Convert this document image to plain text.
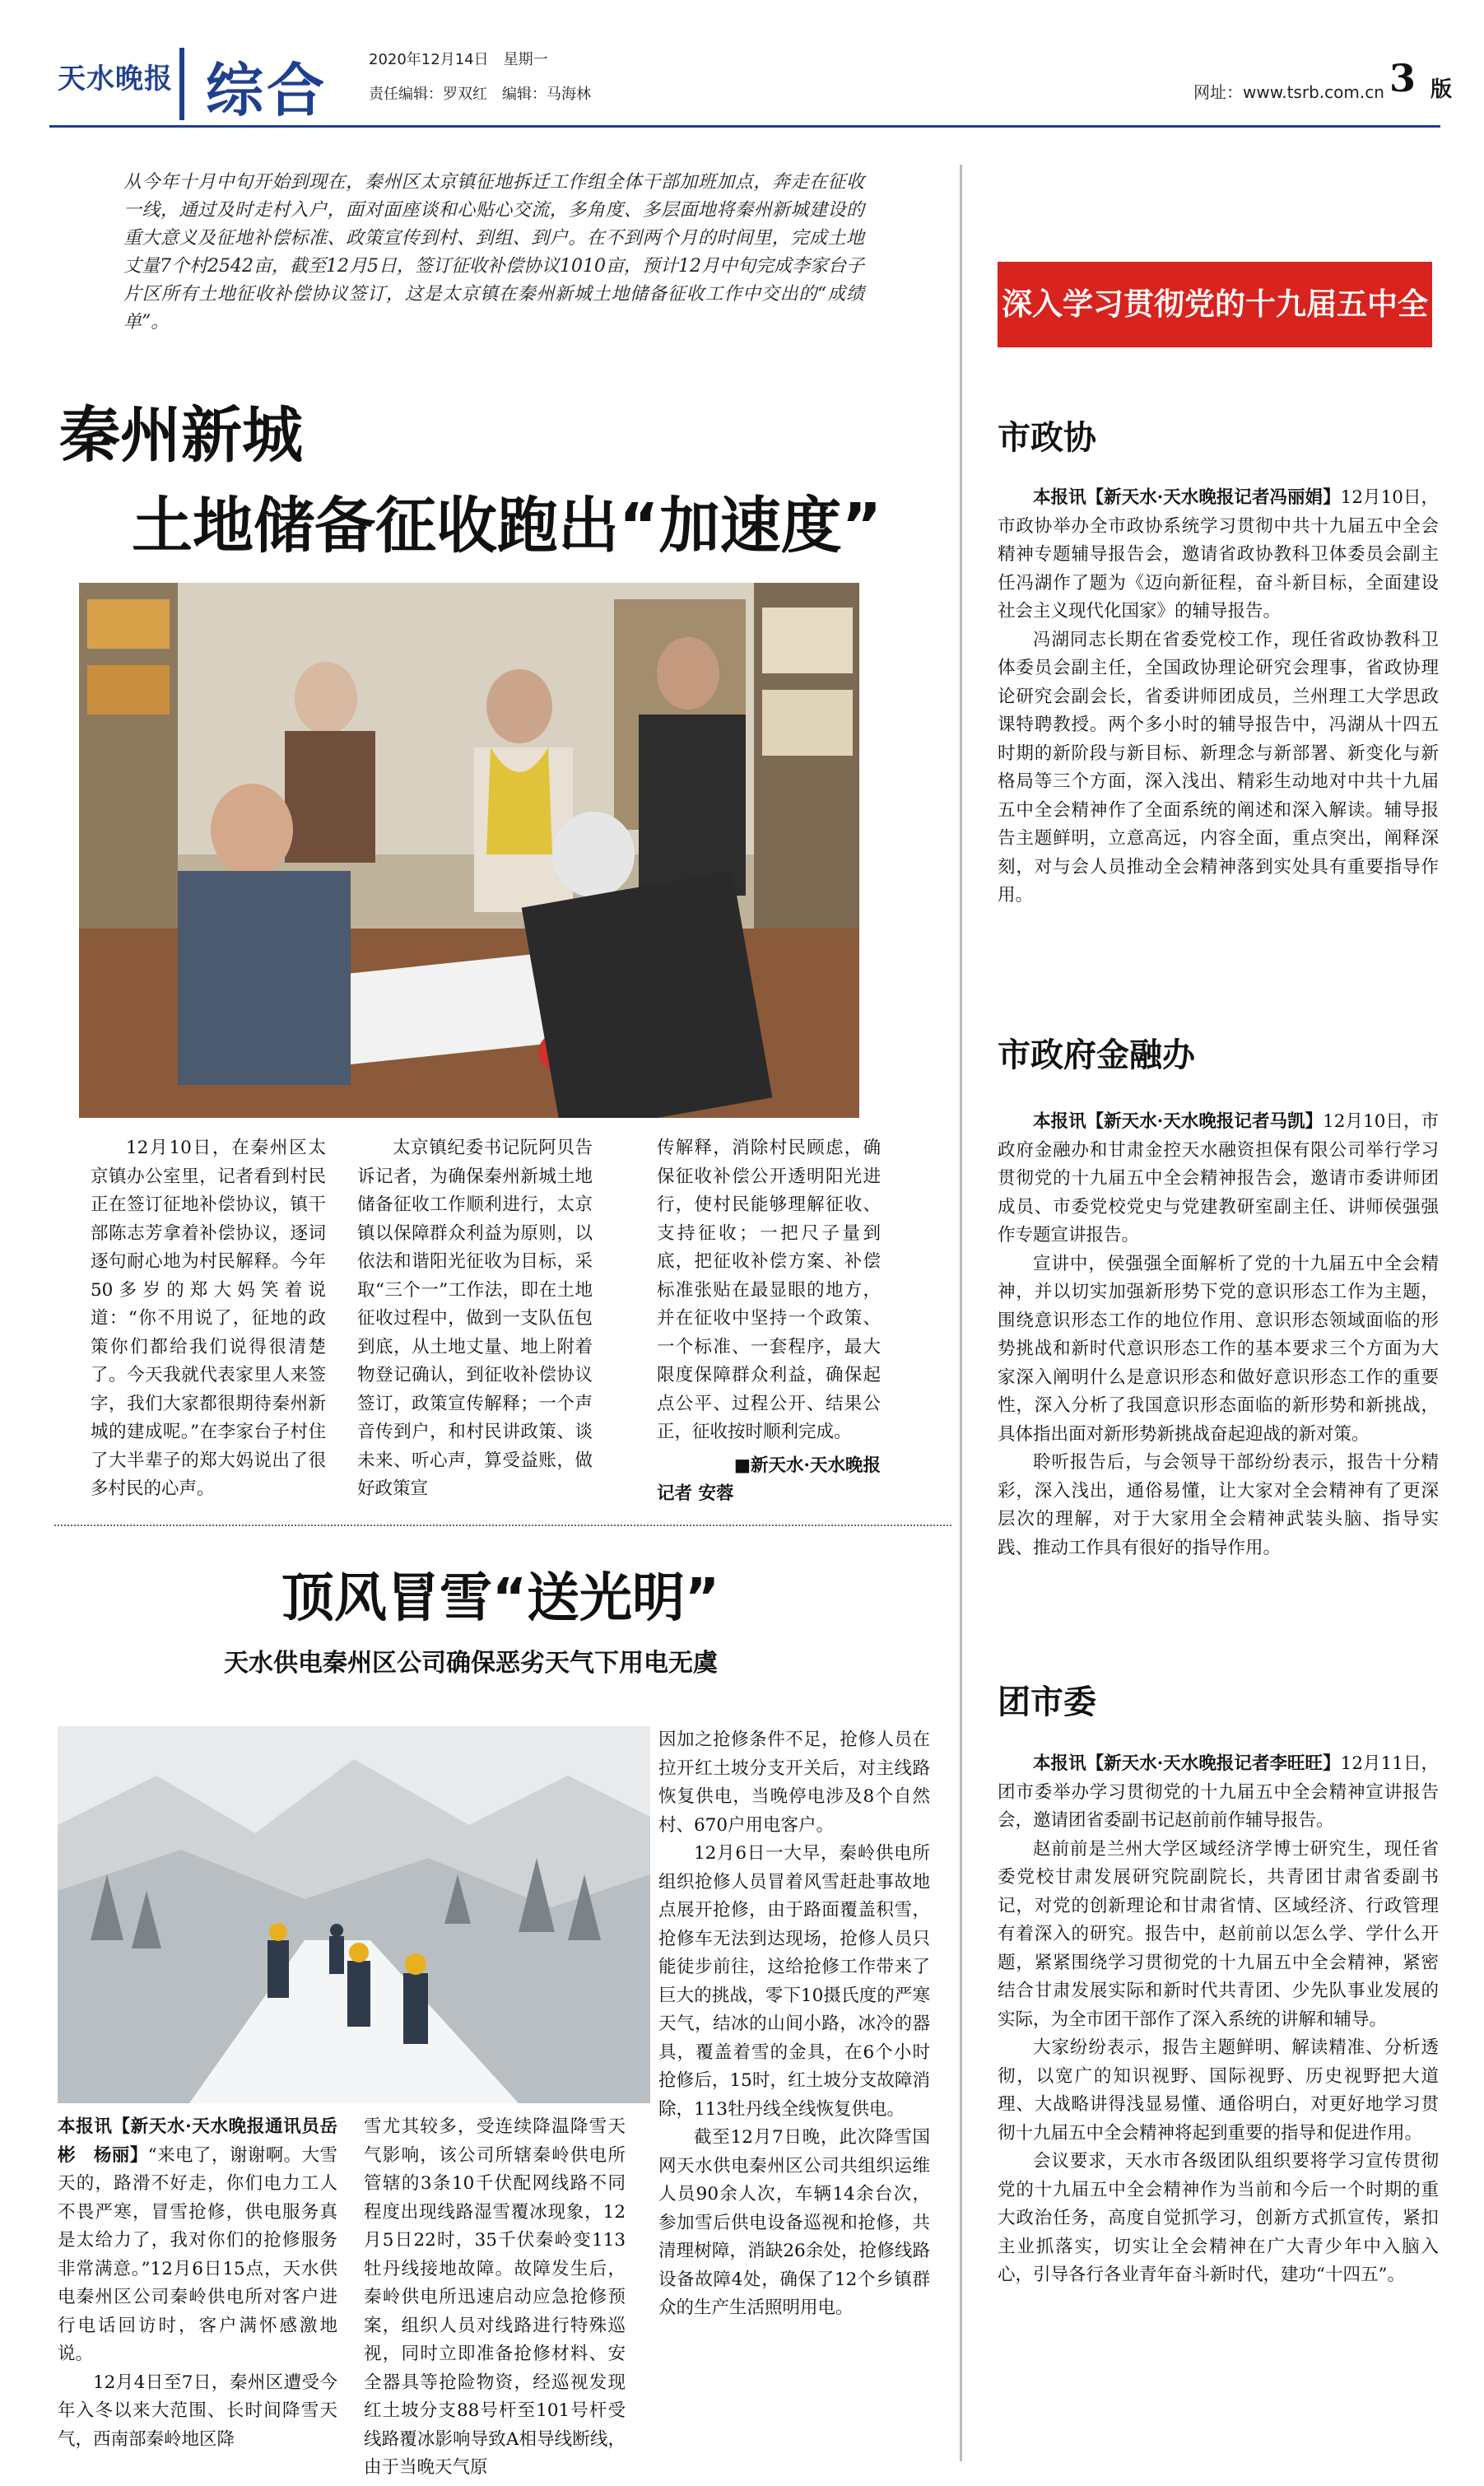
天水晚报 综合	2020年12月14日　星期一
责任编辑：罗双红　编辑：马海林	网址：www.tsrb.com.cn 3 版
从今年十月中旬开始到现在，秦州区太京镇征地拆迁工作组全体干部加班加点，奔走在征收一线，通过及时走村入户，面对面座谈和心贴心交流，多角度、多层面地将秦州新城建设的重大意义及征地补偿标准、政策宣传到村、到组、到户。在不到两个月的时间里，完成土地丈量7个村2542亩，截至12月5日，签订征收补偿协议1010亩，预计12月中旬完成李家台子片区所有土地征收补偿协议签订，这是太京镇在秦州新城土地储备征收工作中交出的“成绩单”。
秦州新城
土地储备征收跑出“加速度”

12月10日，在秦州区太京镇办公室里，记者看到村民正在签订征地补偿协议，镇干部陈志芳拿着补偿协议，逐词逐句耐心地为村民解释。今年50多岁的郑大妈笑着说道：“你不用说了，征地的政策你们都给我们说得很清楚了。今天我就代表家里人来签字，我们大家都很期待秦州新城的建成呢。”在李家台子村住了大半辈子的郑大妈说出了很多村民的心声。

太京镇纪委书记阮阿贝告诉记者，为确保秦州新城土地储备征收工作顺利进行，太京镇以保障群众利益为原则，以依法和谐阳光征收为目标，采取“三个一”工作法，即在土地征收过程中，做到一支队伍包到底，从土地丈量、地上附着物登记确认，到征收补偿协议签订，政策宣传解释；一个声音传到户，和村民讲政策、谈未来、听心声，算受益账，做好政策宣

传解释，消除村民顾虑，确保征收补偿公开透明阳光进行，使村民能够理解征收、支持征收；一把尺子量到底，把征收补偿方案、补偿标准张贴在最显眼的地方，并在征收中坚持一个政策、一个标准、一套程序，最大限度保障群众利益，确保起点公平、过程公开、结果公正，征收按时顺利完成。

■新天水·天水晚报
记者 安蓉
顶风冒雪“送光明”
天水供电秦州区公司确保恶劣天气下用电无虞

本报讯【新天水·天水晚报通讯员岳彬　杨丽】“来电了，谢谢啊。大雪天的，路滑不好走，你们电力工人不畏严寒，冒雪抢修，供电服务真是太给力了，我对你们的抢修服务非常满意。”12月6日15点，天水供电秦州区公司秦岭供电所对客户进行电话回访时，客户满怀感激地说。

12月4日至7日，秦州区遭受今年入冬以来大范围、长时间降雪天气，西南部秦岭地区降

雪尤其较多，受连续降温降雪天气影响，该公司所辖秦岭供电所管辖的3条10千伏配网线路不同程度出现线路湿雪覆冰现象，12月5日22时，35千伏秦岭变113牡丹线接地故障。故障发生后，秦岭供电所迅速启动应急抢修预案，组织人员对线路进行特殊巡视，同时立即准备抢修材料、安全器具等抢险物资，经巡视发现红土坡分支88号杆至101号杆受线路覆冰影响导致A相导线断线，由于当晚天气原

因加之抢修条件不足，抢修人员在拉开红土坡分支开关后，对主线路恢复供电，当晚停电涉及8个自然村、670户用电客户。

12月6日一大早，秦岭供电所组织抢修人员冒着风雪赶赴事故地点展开抢修，由于路面覆盖积雪，抢修车无法到达现场，抢修人员只能徒步前往，这给抢修工作带来了巨大的挑战，零下10摄氏度的严寒天气，结冰的山间小路，冰冷的器具，覆盖着雪的金具，在6个小时抢修后，15时，红土坡分支故障消除，113牡丹线全线恢复供电。

截至12月7日晚，此次降雪国网天水供电秦州区公司共组织运维人员90余人次，车辆14余台次，参加雪后供电设备巡视和抢修，共清理树障，消缺26余处，抢修线路设备故障4处，确保了12个乡镇群众的生产生活照明用电。

深入学习贯彻党的十九届五中全会精神
市政协

本报讯【新天水·天水晚报记者冯丽娟】12月10日，市政协举办全市政协系统学习贯彻中共十九届五中全会精神专题辅导报告会，邀请省政协教科卫体委员会副主任冯湖作了题为《迈向新征程，奋斗新目标，全面建设社会主义现代化国家》的辅导报告。

冯湖同志长期在省委党校工作，现任省政协教科卫体委员会副主任，全国政协理论研究会理事，省政协理论研究会副会长，省委讲师团成员，兰州理工大学思政课特聘教授。两个多小时的辅导报告中，冯湖从十四五时期的新阶段与新目标、新理念与新部署、新变化与新格局等三个方面，深入浅出、精彩生动地对中共十九届五中全会精神作了全面系统的阐述和深入解读。辅导报告主题鲜明，立意高远，内容全面，重点突出，阐释深刻，对与会人员推动全会精神落到实处具有重要指导作用。

市政府金融办

本报讯【新天水·天水晚报记者马凯】12月10日，市政府金融办和甘肃金控天水融资担保有限公司举行学习贯彻党的十九届五中全会精神报告会，邀请市委讲师团成员、市委党校党史与党建教研室副主任、讲师侯强强作专题宣讲报告。

宣讲中，侯强强全面解析了党的十九届五中全会精神，并以切实加强新形势下党的意识形态工作为主题，围绕意识形态工作的地位作用、意识形态领域面临的形势挑战和新时代意识形态工作的基本要求三个方面为大家深入阐明什么是意识形态和做好意识形态工作的重要性，深入分析了我国意识形态面临的新形势和新挑战，具体指出面对新形势新挑战奋起迎战的新对策。

聆听报告后，与会领导干部纷纷表示，报告十分精彩，深入浅出，通俗易懂，让大家对全会精神有了更深层次的理解，对于大家用全会精神武装头脑、指导实践、推动工作具有很好的指导作用。

团市委

本报讯【新天水·天水晚报记者李旺旺】12月11日，团市委举办学习贯彻党的十九届五中全会精神宣讲报告会，邀请团省委副书记赵前前作辅导报告。

赵前前是兰州大学区域经济学博士研究生，现任省委党校甘肃发展研究院副院长，共青团甘肃省委副书记，对党的创新理论和甘肃省情、区域经济、行政管理有着深入的研究。报告中，赵前前以怎么学、学什么开题，紧紧围绕学习贯彻党的十九届五中全会精神，紧密结合甘肃发展实际和新时代共青团、少先队事业发展的实际，为全市团干部作了深入系统的讲解和辅导。

大家纷纷表示，报告主题鲜明、解读精准、分析透彻，以宽广的知识视野、国际视野、历史视野把大道理、大战略讲得浅显易懂、通俗明白，对更好地学习贯彻十九届五中全会精神将起到重要的指导和促进作用。

会议要求，天水市各级团队组织要将学习宣传贯彻党的十九届五中全会精神作为当前和今后一个时期的重大政治任务，高度自觉抓学习，创新方式抓宣传，紧扣主业抓落实，切实让全会精神在广大青少年中入脑入心，引导各行各业青年奋斗新时代，建功“十四五”。
